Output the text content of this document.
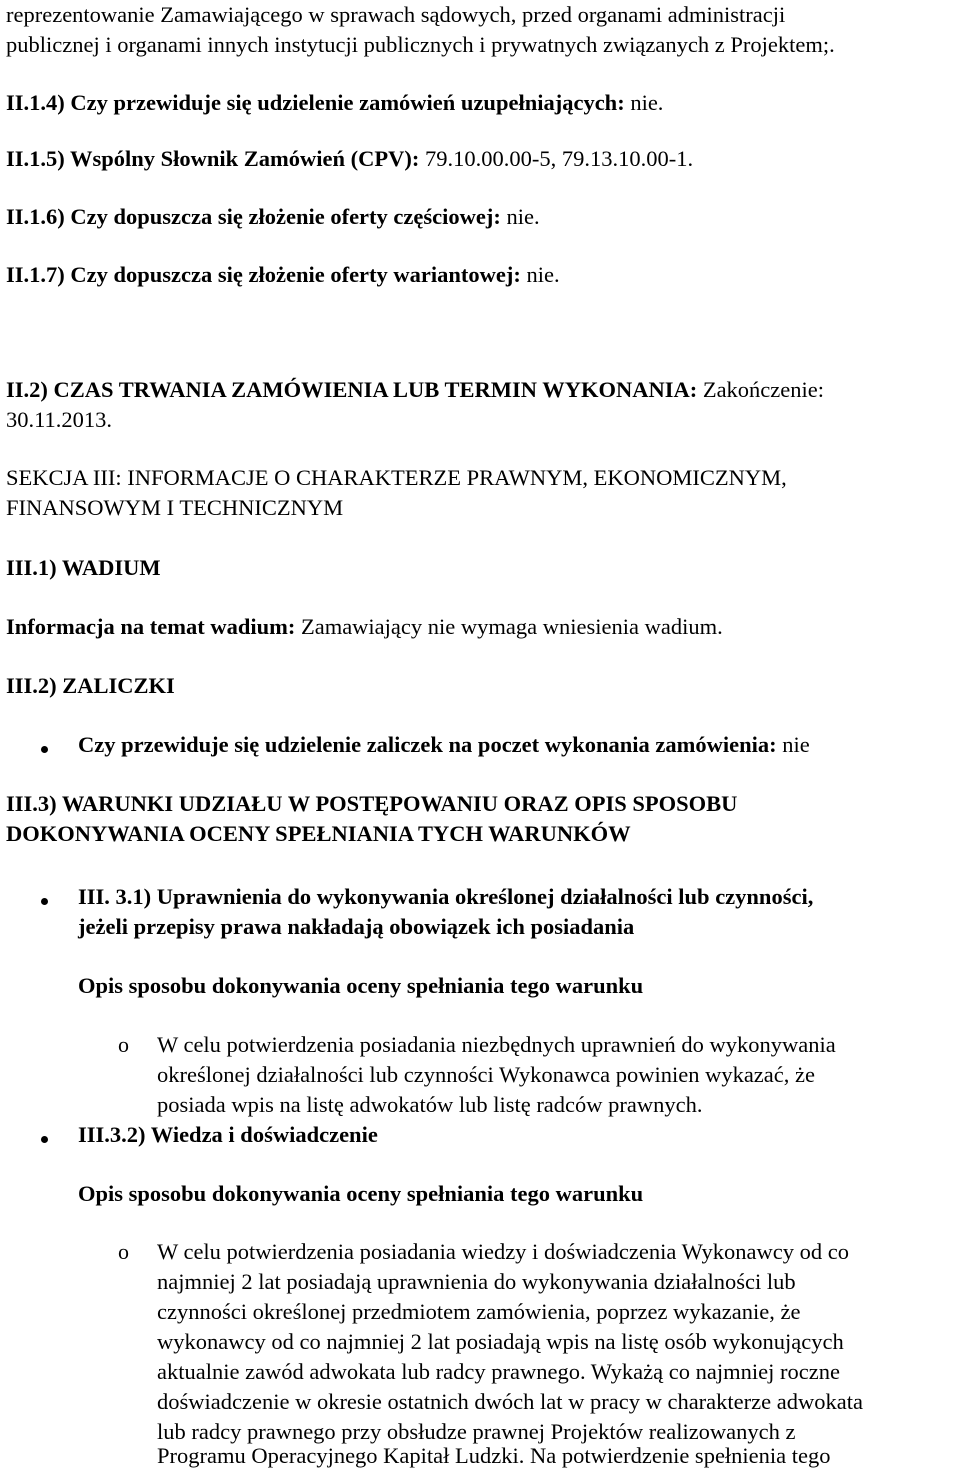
reprezentowanie Zamawiającego w sprawach sądowych, przed organami administracji

publicznej i organami innych instytucji publicznych i prywatnych związanych z Projektem;.

II.1.4) Czy przewiduje się udzielenie zamówień uzupełniających: nie.

II.1.5) Wspólny Słownik Zamówień (CPV): 79.10.00.00-5, 79.13.10.00-1.

II.1.6) Czy dopuszcza się złożenie oferty częściowej: nie.

II.1.7) Czy dopuszcza się złożenie oferty wariantowej: nie.

II.2) CZAS TRWANIA ZAMÓWIENIA LUB TERMIN WYKONANIA: Zakończenie:

30.11.2013.

SEKCJA III: INFORMACJE O CHARAKTERZE PRAWNYM, EKONOMICZNYM,

FINANSOWYM I TECHNICZNYM

III.1) WADIUM

Informacja na temat wadium: Zamawiający nie wymaga wniesienia wadium.

III.2) ZALICZKI

Czy przewiduje się udzielenie zaliczek na poczet wykonania zamówienia: nie

III.3) WARUNKI UDZIAŁU W POSTĘPOWANIU ORAZ OPIS SPOSOBU

DOKONYWANIA OCENY SPEŁNIANIA TYCH WARUNKÓW

III. 3.1) Uprawnienia do wykonywania określonej działalności lub czynności,

jeżeli przepisy prawa nakładają obowiązek ich posiadania

Opis sposobu dokonywania oceny spełniania tego warunku

o W celu potwierdzenia posiadania niezbędnych uprawnień do wykonywania

określonej działalności lub czynności Wykonawca powinien wykazać, że

posiada wpis na listę adwokatów lub listę radców prawnych.

III.3.2) Wiedza i doświadczenie

Opis sposobu dokonywania oceny spełniania tego warunku

o W celu potwierdzenia posiadania wiedzy i doświadczenia Wykonawcy od co

najmniej 2 lat posiadają uprawnienia do wykonywania działalności lub

czynności określonej przedmiotem zamówienia, poprzez wykazanie, że

wykonawcy od co najmniej 2 lat posiadają wpis na listę osób wykonujących

aktualnie zawód adwokata lub radcy prawnego. Wykażą co najmniej roczne

doświadczenie w okresie ostatnich dwóch lat w pracy w charakterze adwokata

lub radcy prawnego przy obsłudze prawnej Projektów realizowanych z

Programu Operacyjnego Kapitał Ludzki. Na potwierdzenie spełnienia tego
